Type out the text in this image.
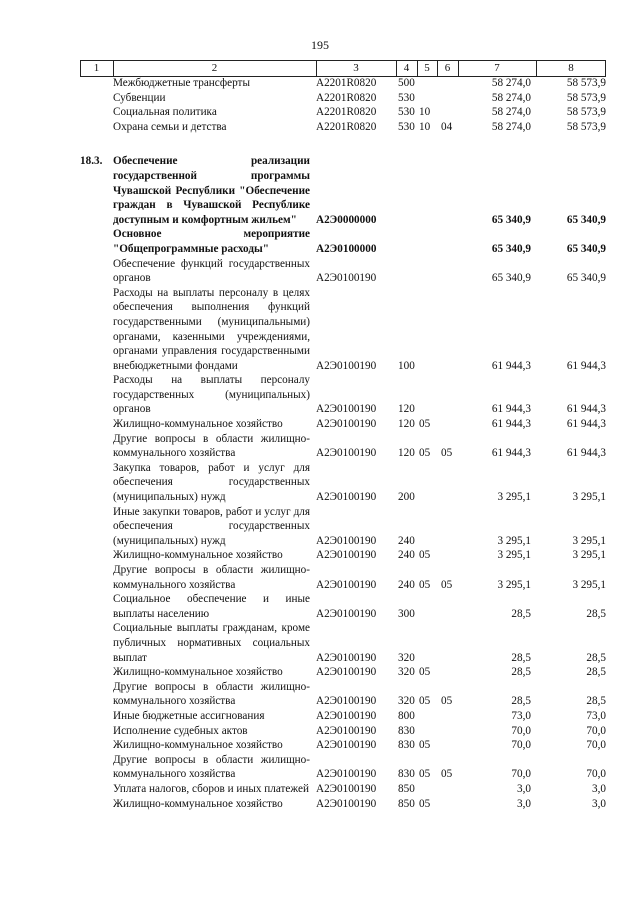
195
1	2	3	4	5	6	7	8
Межбюджетные трансферты	А2201R0820 500	58 274,0	58 573,9
Субвенции	А2201R0820 530	58 274,0	58 573,9
Социальная политика	А2201R0820 530 10	58 274,0	58 573,9
Охрана семьи и детства	А2201R0820 530 10 04	58 274,0	58 573,9
18.3. Обеспечение реализации государственной программы Чувашской Республики "Обеспечение граждан в Чувашской Республике доступным и комфортным жильем"	А2Э0000000	65 340,9	65 340,9
Основное мероприятие "Общепрограммные расходы"	А2Э0100000	65 340,9	65 340,9
Обеспечение функций государственных органов	А2Э0100190	65 340,9	65 340,9
Расходы на выплаты персоналу в целях обеспечения выполнения функций государственными (муниципальными) органами, казенными учреждениями, органами управления государственными внебюджетными фондами	А2Э0100190 100	61 944,3	61 944,3
Расходы на выплаты персоналу государственных (муниципальных) органов	А2Э0100190 120	61 944,3	61 944,3
Жилищно-коммунальное хозяйство	А2Э0100190 120 05	61 944,3	61 944,3
Другие вопросы в области жилищно-коммунального хозяйства	А2Э0100190 120 05 05	61 944,3	61 944,3
Закупка товаров, работ и услуг для обеспечения государственных (муниципальных) нужд	А2Э0100190 200	3 295,1	3 295,1
Иные закупки товаров, работ и услуг для обеспечения государственных (муниципальных) нужд	А2Э0100190 240	3 295,1	3 295,1
Жилищно-коммунальное хозяйство	А2Э0100190 240 05	3 295,1	3 295,1
Другие вопросы в области жилищно-коммунального хозяйства	А2Э0100190 240 05 05	3 295,1	3 295,1
Социальное обеспечение и иные выплаты населению	А2Э0100190 300	28,5	28,5
Социальные выплаты гражданам, кроме публичных нормативных социальных выплат	А2Э0100190 320	28,5	28,5
Жилищно-коммунальное хозяйство	А2Э0100190 320 05	28,5	28,5
Другие вопросы в области жилищно-коммунального хозяйства	А2Э0100190 320 05 05	28,5	28,5
Иные бюджетные ассигнования	А2Э0100190 800	73,0	73,0
Исполнение судебных актов	А2Э0100190 830	70,0	70,0
Жилищно-коммунальное хозяйство	А2Э0100190 830 05	70,0	70,0
Другие вопросы в области жилищно-коммунального хозяйства	А2Э0100190 830 05 05	70,0	70,0
Уплата налогов, сборов и иных платежей А2Э0100190 850	3,0	3,0
Жилищно-коммунальное хозяйство	А2Э0100190 850 05	3,0	3,0
